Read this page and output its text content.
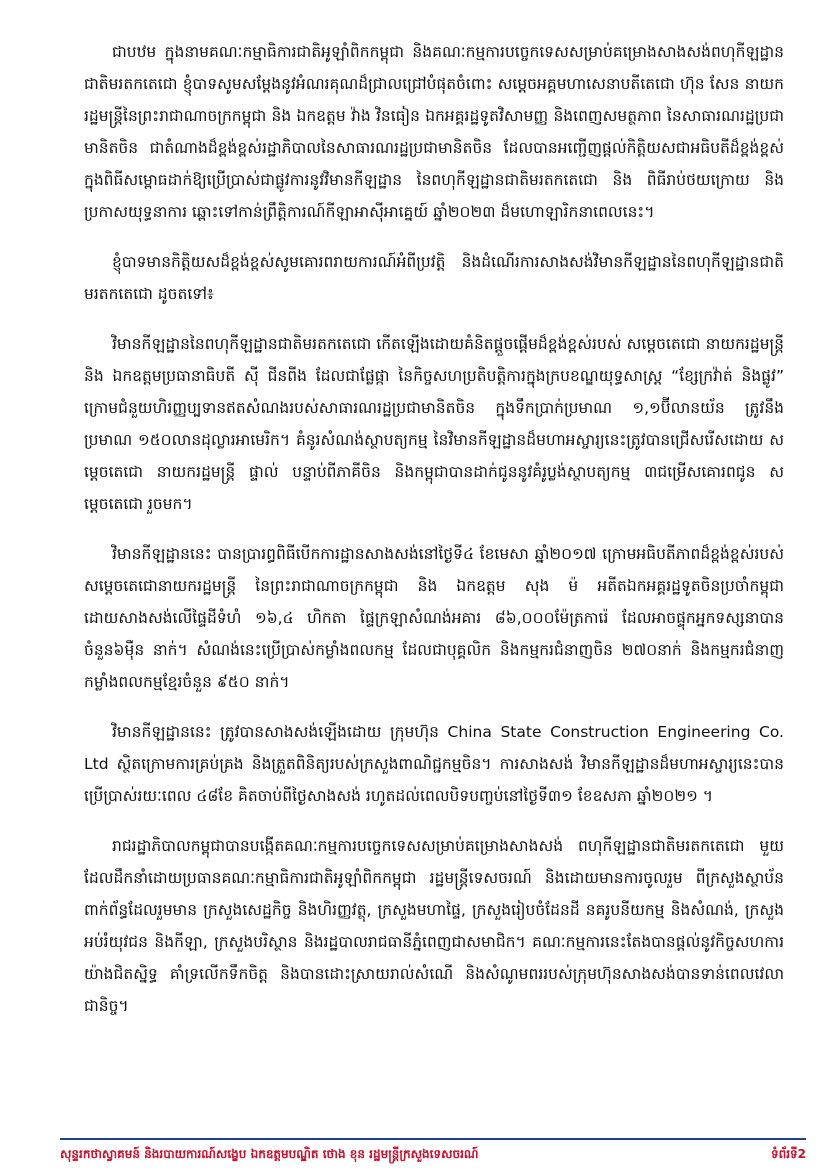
ជាបឋម ក្នុងនាមគណៈកម្មាធិការជាតិអូឡាំពិកកម្ពុជា និងគណៈកម្មការបច្ចេកទេសសម្រាប់គម្រោងសាងសង់ពហុកីឡដ្ឋានជាតិមរតកតេជោ ខ្ញុំបាទសូមសម្តែងនូវអំណរគុណដ៏ជ្រាលជ្រៅបំផុតចំពោះ សម្តេចអគ្គមហាសេនាបតីតេជោ ហ៊ុន សែន នាយករដ្ឋមន្រ្តីនៃព្រះរាជាណាចក្រកម្ពុជា និង ឯកឧត្តម វ៉ាង វិនធៀន ឯកអគ្គរដ្ឋទូតវិសាមញ្ញ និងពេញសមត្ថភាព នៃសាធារណរដ្ឋប្រជាមានិតចិន ជាតំណាងដ៏ខ្ពង់ខ្ពស់រដ្ឋាភិបាលនៃសាធារណរដ្ឋប្រជាមានិតចិន ដែលបានអញ្ជើញផ្តល់កិត្តិយសជាអធិបតីដ៏ខ្ពង់ខ្ពស់ ក្នុងពិធីសម្ពោធដាក់ឱ្យប្រើប្រាស់ជាផ្លូវការនូវវិមានកីឡដ្ឋាន នៃពហុកីឡដ្ឋានជាតិមរតកតេជោ និង ពិធីរាប់ថយក្រោយ និងប្រកាសយុទ្ធនាការ ឆ្ពោះទៅកាន់ព្រឹត្តិការណ៍កីឡាអាស៊ីអាគ្នេយ៍ ឆ្នាំ២០២៣ ដ៏មហោឡារិកនាពេលនេះ។

ខ្ញុំបាទមានកិត្តិយសដ៏ខ្ពង់ខ្ពស់សូមគោរពរាយការណ៍អំពីប្រវត្តិ និងដំណើរការសាងសង់វិមានកីឡដ្ឋាននៃពហុកីឡដ្ឋានជាតិមរតកតេជោ ដូចតទៅ៖

វិមានកីឡដ្ឋាននៃពហុកីឡដ្ឋានជាតិមរតកតេជោ កើតឡើងដោយគំនិតផ្តួចផ្តើមដ៏ខ្ពង់ខ្ពស់របស់ សម្តេចតេជោ នាយករដ្ឋមន្ត្រី និង ឯកឧត្តមប្រធានាធិបតី ស៊ី ជីនពីង ដែលជាផ្លែផ្កា នៃកិច្ចសហប្រតិបត្តិការក្នុងក្របខណ្ឌយុទ្ធសាស្ត្រ “ខ្សែក្រវ៉ាត់ និងផ្លូវ” ក្រោមជំនួយហិរញ្ញប្បទានឥតសំណងរបស់សាធារណរដ្ឋប្រជាមានិតចិន ក្នុងទឹកប្រាក់ប្រមាណ ១,១ប៊ីលានយ័ន ត្រូវនឹងប្រមាណ ១៥០លានដុល្លារអាមេរិក។ គំនូរសំណង់ស្ថាបត្យកម្ម នៃវិមានកីឡដ្ឋានដ៏មហាអស្ចារ្យនេះត្រូវបានជ្រើសរើសដោយ សម្តេចតេជោ នាយករដ្ឋមន្ត្រី ផ្ទាល់ បន្ទាប់ពីភាគីចិន និងកម្ពុជាបានដាក់ជូននូវគំរូប្លង់ស្ថាបត្យកម្ម ៣ជម្រើសគោរពជូន សម្តេចតេជោ រួចមក។

វិមានកីឡដ្ឋាននេះ បានប្រារព្ធពិធីបើកការដ្ឋានសាងសង់នៅថ្ងៃទី៤ ខែមេសា ឆ្នាំ២០១៧ ក្រោមអធិបតីភាពដ៏ខ្ពង់ខ្ពស់របស់ សម្តេចតេជោនាយករដ្ឋមន្ត្រី នៃព្រះរាជាណាចក្រកម្ពុជា និង ឯកឧត្តម សុង ម៉ អតីតឯកអគ្គរដ្ឋទូតចិនប្រចាំកម្ពុជា ដោយសាងសង់លើផ្ទៃដីទំហំ ១៦,៤ ហិកតា ផ្ទៃក្រឡាសំណង់អគារ ៨៦,០០០ម៉ែត្រការ៉េ ដែលអាចផ្ទុកអ្នកទស្សនាបាន ចំនួន៦ម៉ឺន នាក់។ សំណង់នេះប្រើប្រាស់កម្លាំងពលកម្ម ដែលជាបុគ្គលិក និងកម្មករជំនាញចិន ២៧០នាក់ និងកម្មករជំនាញ កម្លាំងពលកម្មខ្មែរចំនួន ៩៥០ នាក់។

វិមានកីឡដ្ឋាននេះ ត្រូវបានសាងសង់ឡើងដោយ ក្រុមហ៊ុន China State Construction Engineering Co. Ltd ស្ថិតក្រោមការគ្រប់គ្រង និងត្រួតពិនិត្យរបស់ក្រសួងពាណិជ្ជកម្មចិន។ ការសាងសង់ វិមានកីឡដ្ឋានដ៏មហាអស្ចារ្យនេះបានប្រើប្រាស់រយៈពេល ៤៨ខែ គិតចាប់ពីថ្ងៃសាងសង់ រហូតដល់ពេលបិទបញ្ចប់នៅថ្ងៃទី៣១ ខែឧសភា ឆ្នាំ២០២១ ។

រាជរដ្ឋាភិបាលកម្ពុជាបានបង្កើតគណៈកម្មការបច្ចេកទេសសម្រាប់គម្រោងសាងសង់ ពហុកីឡដ្ឋានជាតិមរតកតេជោ មួយដែលដឹកនាំដោយប្រធានគណៈកម្មាធិការជាតិអូឡាំពិកកម្ពុជា រដ្ឋមន្ត្រីទេសចរណ៍ និងដោយមានការចូលរួម ពីក្រសួងស្ថាប័នពាក់ព័ន្ធដែលរួមមាន ក្រសួងសេដ្ឋកិច្ច និងហិរញ្ញវត្ថុ, ក្រសួងមហាផ្ទៃ, ក្រសួងរៀបចំដែនដី នគរូបនីយកម្ម និងសំណង់, ក្រសួងអប់រំយុវជន និងកីឡា, ក្រសួងបរិស្ថាន និងរដ្ឋបាលរាជធានីភ្នំពេញជាសមាជិក។ គណៈកម្មការនេះតែងបានផ្តល់នូវកិច្ចសហការយ៉ាងជិតស្និទ្ធ គាំទ្រលើកទឹកចិត្ត និងបានដោះស្រាយរាល់សំណើ និងសំណូមពររបស់ក្រុមហ៊ុនសាងសង់បានទាន់ពេលវេលាជានិច្ច។

សុន្ទរកថាស្វាគមន៍ និងរបាយការណ៍សង្ខេប ឯកឧត្តមបណ្ឌិត ថោង ខុន រដ្ឋមន្ត្រីក្រសួងទេសចរណ៍	ទំព័រទី2
